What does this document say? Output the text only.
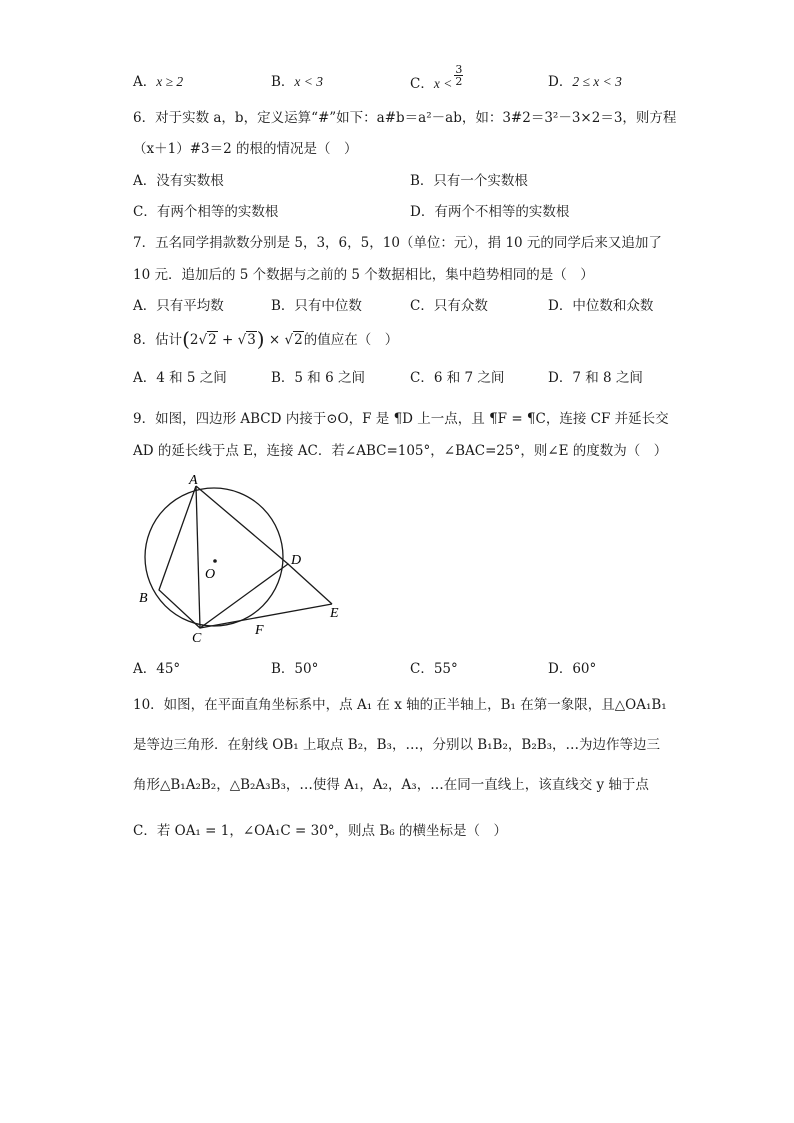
A．x ≥ 2	B．x < 3	C．$x < \frac{3}{2}$	D．2 ≤ x < 3
6．对于实数 a，b，定义运算“#”如下：a#b＝a²－ab，如：3#2＝3²－3×2＝3，则方程
（x＋1）#3＝2 的根的情况是（　）
A．没有实数根	B．只有一个实数根
C．有两个相等的实数根	D．有两个不相等的实数根
7．五名同学捐款数分别是 5，3，6，5，10（单位：元），捐 10 元的同学后来又追加了
10 元．追加后的 5 个数据与之前的 5 个数据相比，集中趋势相同的是（　）
A．只有平均数	B．只有中位数	C．只有众数	D．中位数和众数
8．估计(2√2 + √3) × √2的值应在（　）
A．4 和 5 之间	B．5 和 6 之间	C．6 和 7 之间	D．7 和 8 之间
9．如图，四边形 ABCD 内接于⊙O，F 是 ¶D 上一点，且 ¶F = ¶C，连接 CF 并延长交
AD 的延长线于点 E，连接 AC．若∠ABC=105°，∠BAC=25°，则∠E 的度数为（　）
A
B
C
D
E
F
O
A．45°	B．50°	C．55°	D．60°
10．如图，在平面直角坐标系中，点 A₁ 在 x 轴的正半轴上，B₁ 在第一象限，且△OA₁B₁
是等边三角形．在射线 OB₁ 上取点 B₂，B₃，…，分别以 B₁B₂，B₂B₃，…为边作等边三
角形△B₁A₂B₂，△B₂A₃B₃，…使得 A₁，A₂，A₃，…在同一直线上，该直线交 y 轴于点
C．若 OA₁ = 1，∠OA₁C = 30°，则点 B₆ 的横坐标是（　）
